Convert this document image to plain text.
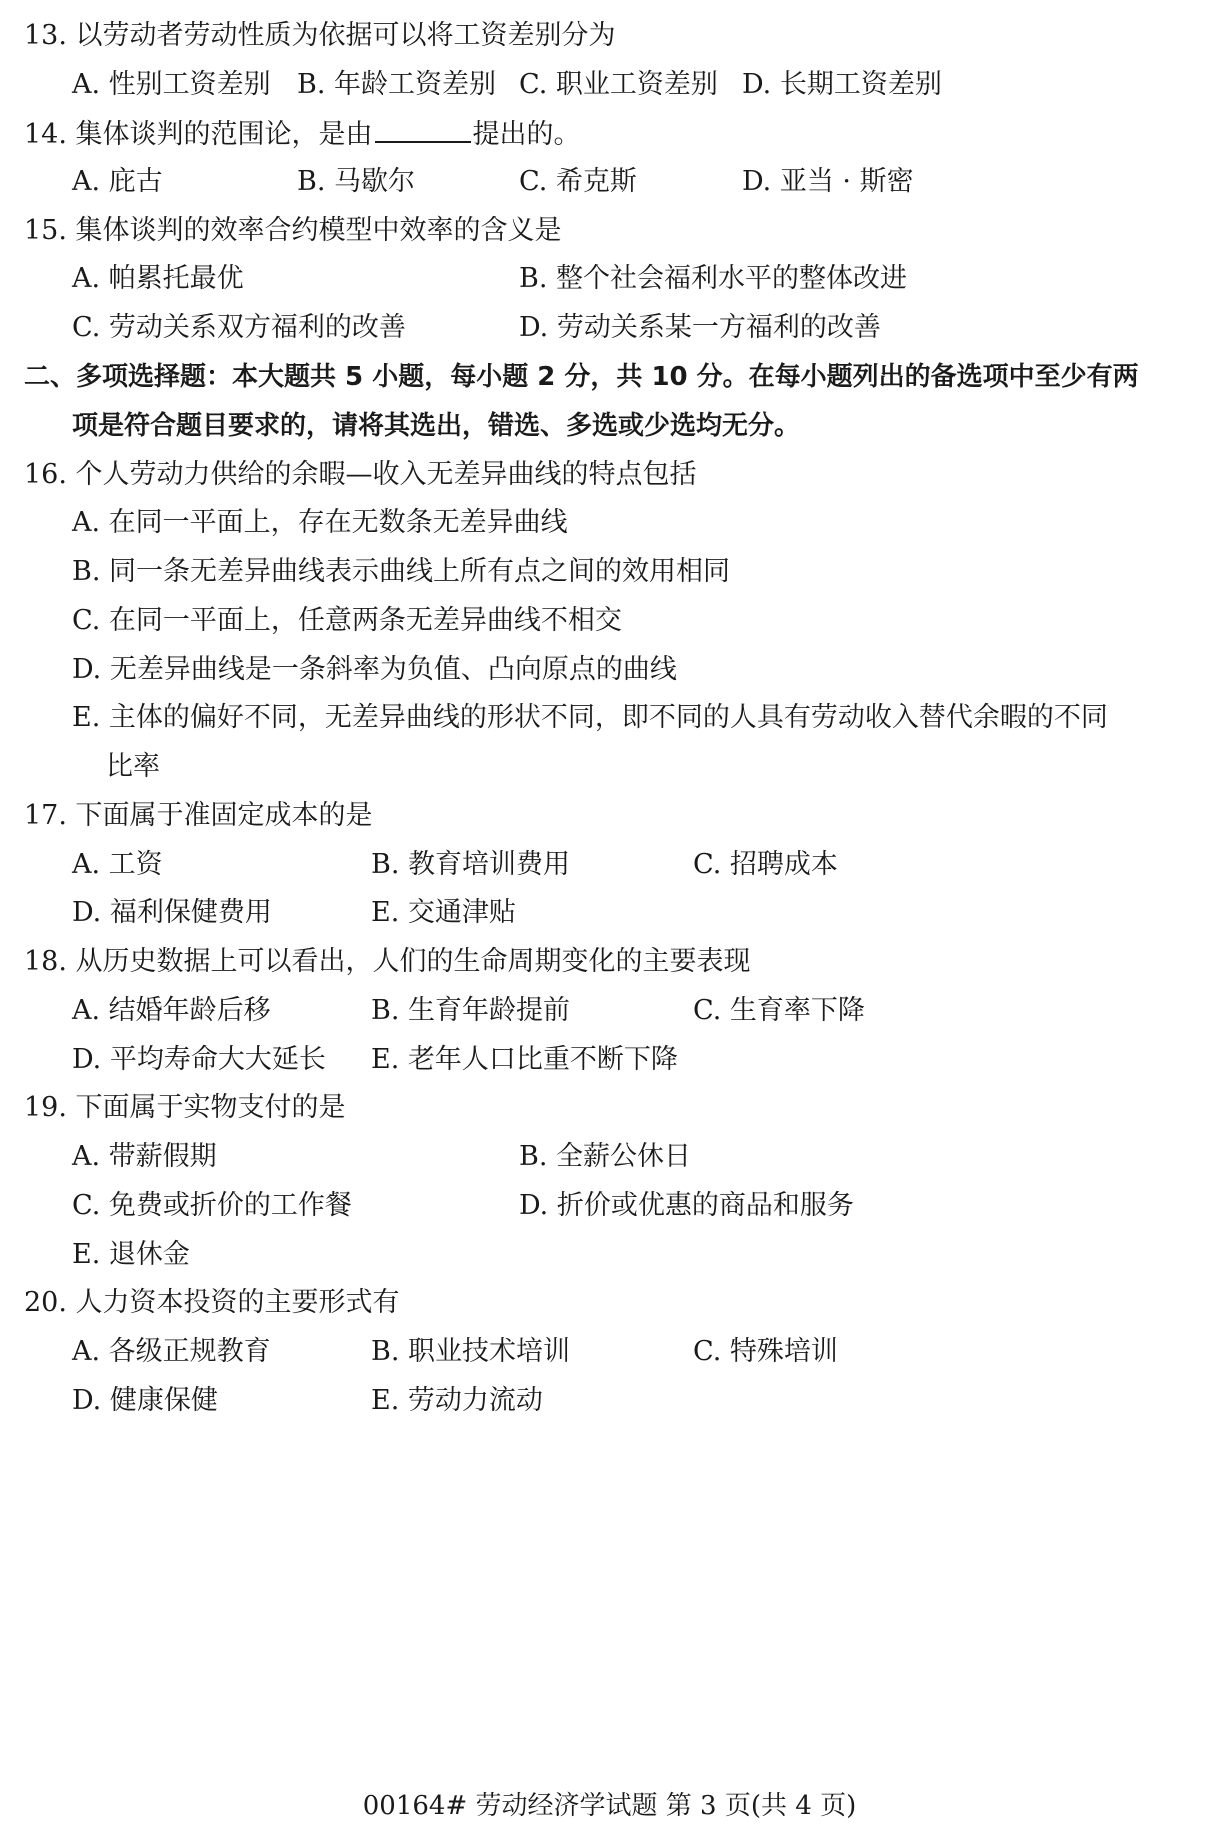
13. 以劳动者劳动性质为依据可以将工资差别分为
A. 性别工资差别 B. 年龄工资差别 C. 职业工资差别 D. 长期工资差别
14. 集体谈判的范围论，是由	提出的。
A. 庇古	B. 马歇尔	C. 希克斯	D. 亚当 · 斯密
15. 集体谈判的效率合约模型中效率的含义是
A. 帕累托最优	B. 整个社会福利水平的整体改进
C. 劳动关系双方福利的改善	D. 劳动关系某一方福利的改善
二、多项选择题：本大题共 5 小题，每小题 2 分，共 10 分。在每小题列出的备选项中至少有两
项是符合题目要求的，请将其选出，错选、多选或少选均无分。
16. 个人劳动力供给的余暇—收入无差异曲线的特点包括
A. 在同一平面上，存在无数条无差异曲线
B. 同一条无差异曲线表示曲线上所有点之间的效用相同
C. 在同一平面上，任意两条无差异曲线不相交
D. 无差异曲线是一条斜率为负值、凸向原点的曲线
E. 主体的偏好不同，无差异曲线的形状不同，即不同的人具有劳动收入替代余暇的不同
比率
17. 下面属于准固定成本的是
A. 工资	B. 教育培训费用	C. 招聘成本
D. 福利保健费用	E. 交通津贴
18. 从历史数据上可以看出，人们的生命周期变化的主要表现
A. 结婚年龄后移	B. 生育年龄提前	C. 生育率下降
D. 平均寿命大大延长 E. 老年人口比重不断下降
19. 下面属于实物支付的是
A. 带薪假期	B. 全薪公休日
C. 免费或折价的工作餐	D. 折价或优惠的商品和服务
E. 退休金
20. 人力资本投资的主要形式有
A. 各级正规教育	B. 职业技术培训	C. 特殊培训
D. 健康保健	E. 劳动力流动
00164# 劳动经济学试题 第 3 页(共 4 页)
